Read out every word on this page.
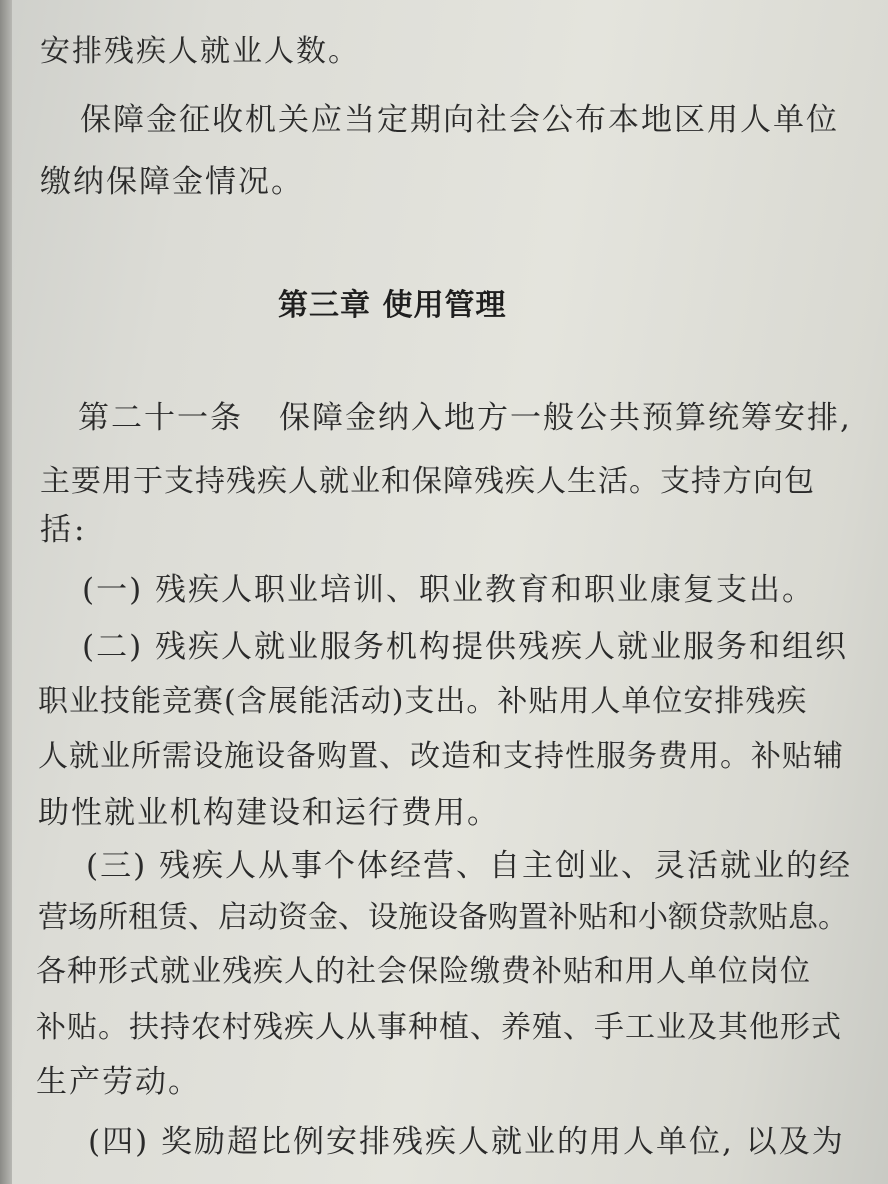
安排残疾人就业人数。
保障金征收机关应当定期向社会公布本地区用人单位
缴纳保障金情况。
第三章 使用管理
第二十一条 保障金纳入地方一般公共预算统筹安排,
主要用于支持残疾人就业和保障残疾人生活。支持方向包
括:
(一) 残疾人职业培训、职业教育和职业康复支出。
(二) 残疾人就业服务机构提供残疾人就业服务和组织
职业技能竞赛(含展能活动)支出。补贴用人单位安排残疾
人就业所需设施设备购置、改造和支持性服务费用。补贴辅
助性就业机构建设和运行费用。
(三) 残疾人从事个体经营、自主创业、灵活就业的经
营场所租赁、启动资金、设施设备购置补贴和小额贷款贴息。
各种形式就业残疾人的社会保险缴费补贴和用人单位岗位
补贴。扶持农村残疾人从事种植、养殖、手工业及其他形式
生产劳动。
(四) 奖励超比例安排残疾人就业的用人单位, 以及为
